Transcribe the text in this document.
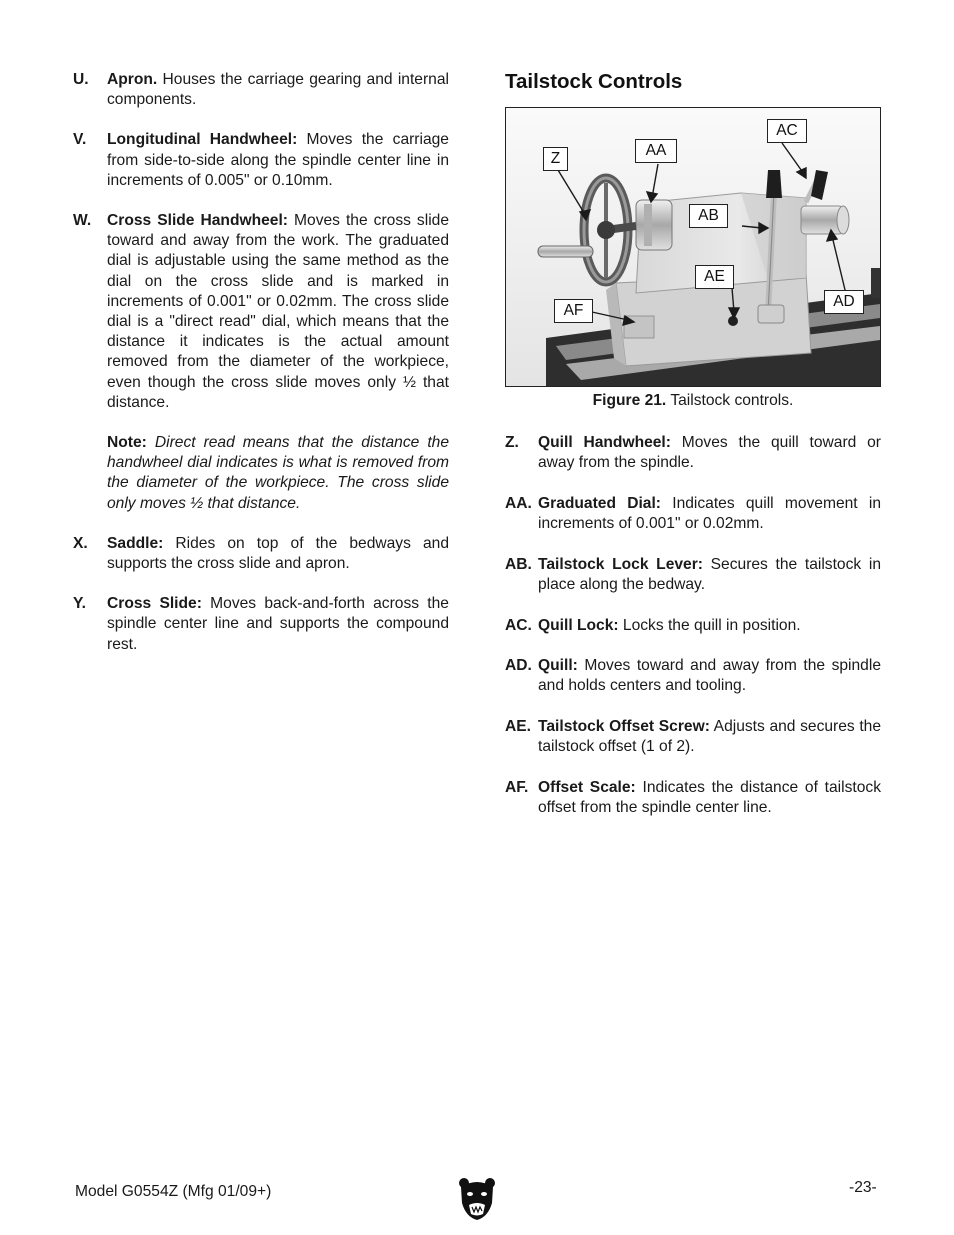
U.	Apron. Houses the carriage gearing and internal components.
V.	Longitudinal Handwheel: Moves the carriage from side-to-side along the spindle center line in increments of 0.005" or 0.10mm.
W.	Cross Slide Handwheel: Moves the cross slide toward and away from the work. The graduated dial is adjustable using the same method as the dial on the cross slide and is marked in increments of 0.001" or 0.02mm. The cross slide dial is a "direct read" dial, which means that the distance it indicates is the actual amount removed from the diameter of the workpiece, even though the cross slide moves only ½ that distance.
Note: Direct read means that the distance the handwheel dial indicates is what is removed from the diameter of the workpiece. The cross slide only moves ½ that distance.
X.	Saddle: Rides on top of the bedways and supports the cross slide and apron.
Y.	Cross Slide: Moves back-and-forth across the spindle center line and supports the compound rest.
Tailstock Controls
Z	AA
AC
AB
AE
AD
AF
Figure 21. Tailstock controls.
Z.	Quill Handwheel: Moves the quill toward or away from the spindle.
AA. Graduated Dial: Indicates quill movement in increments of 0.001" or 0.02mm.
AB. Tailstock Lock Lever: Secures the tailstock in place along the bedway.
AC. Quill Lock: Locks the quill in position.
AD. Quill: Moves toward and away from the spindle and holds centers and tooling.
AE. Tailstock Offset Screw: Adjusts and secures the tailstock offset (1 of 2).
AF. Offset Scale: Indicates the distance of tailstock offset from the spindle center line.
Model G0554Z (Mfg 01/09+)	-23-
